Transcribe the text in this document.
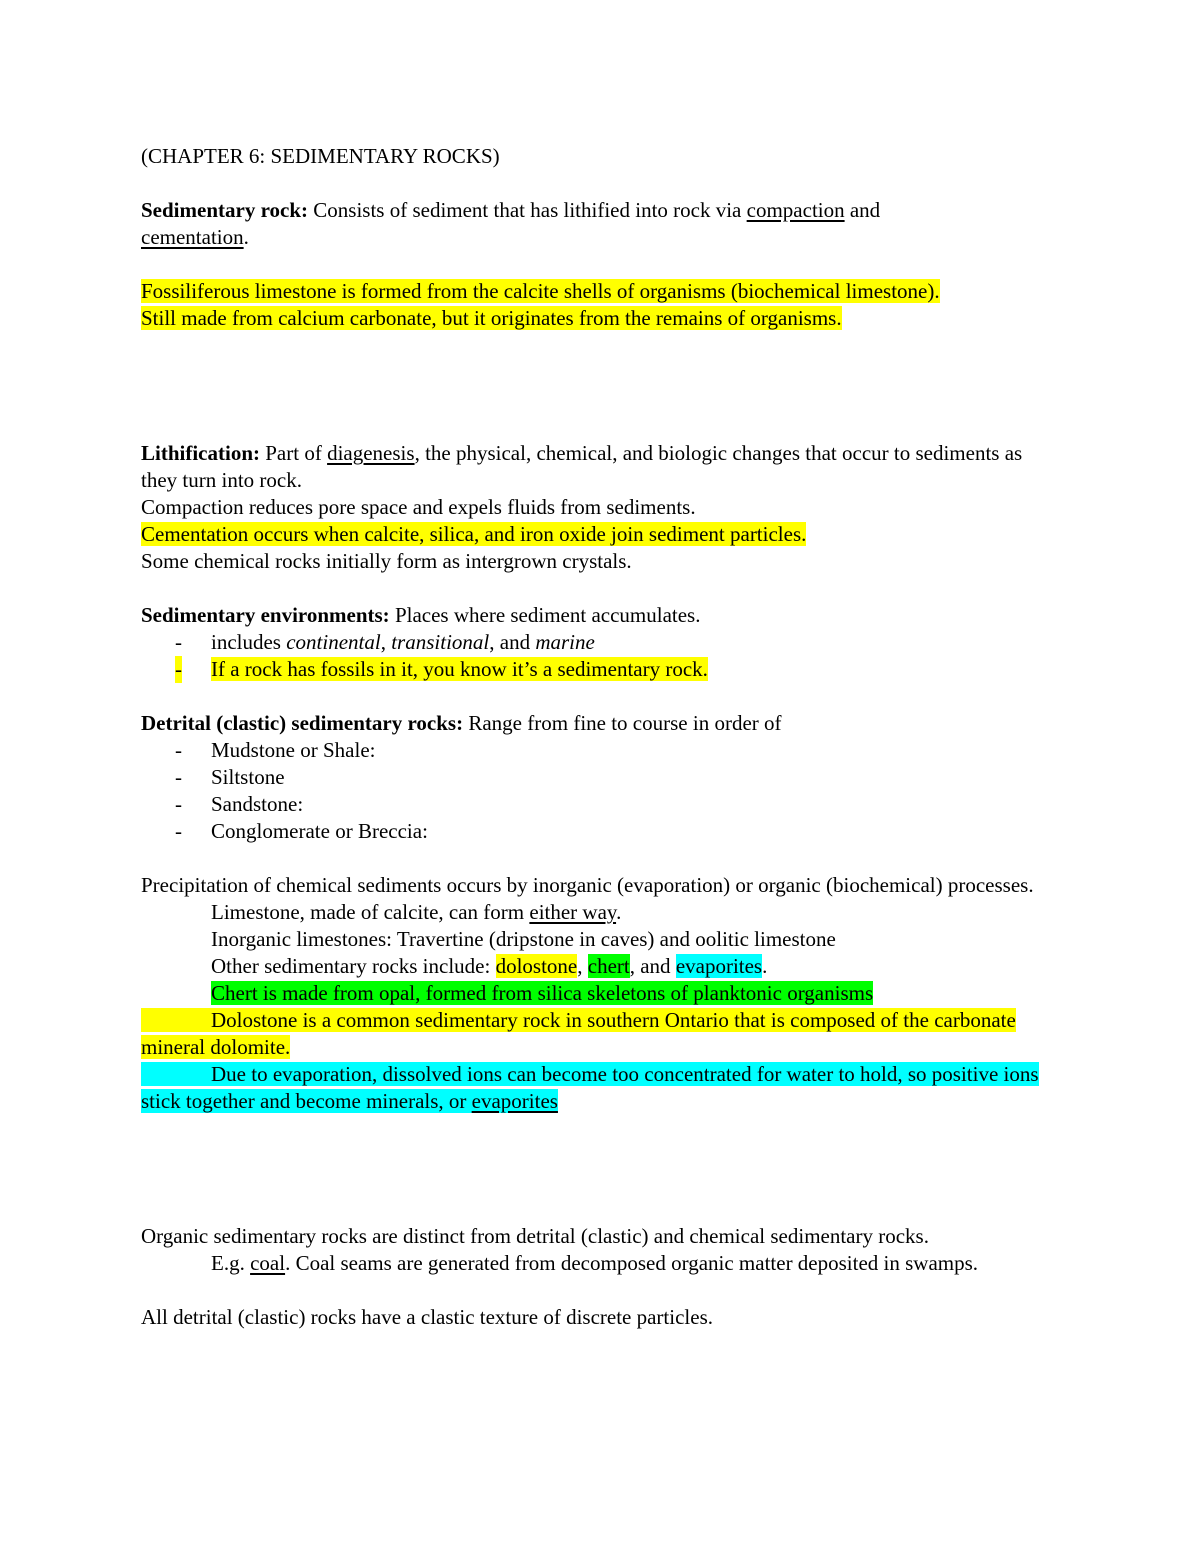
(CHAPTER 6: SEDIMENTARY ROCKS)

Sedimentary rock: Consists of sediment that has lithified into rock via compaction and
cementation.

Fossiliferous limestone is formed from the calcite shells of organisms (biochemical limestone).

Still made from calcium carbonate, but it originates from the remains of organisms.

Lithification: Part of diagenesis, the physical, chemical, and biologic changes that occur to sediments as they turn into rock.

Compaction reduces pore space and expels fluids from sediments.

Cementation occurs when calcite, silica, and iron oxide join sediment particles.

Some chemical rocks initially form as intergrown crystals.

Sedimentary environments: Places where sediment accumulates.

- includes continental, transitional, and marine
- If a rock has fossils in it, you know it’s a sedimentary rock.

Detrital (clastic) sedimentary rocks: Range from fine to course in order of

- Mudstone or Shale:
- Siltstone
- Sandstone:
- Conglomerate or Breccia:

Precipitation of chemical sediments occurs by inorganic (evaporation) or organic (biochemical) processes.

Limestone, made of calcite, can form either way.

Inorganic limestones: Travertine (dripstone in caves) and oolitic limestone

Other sedimentary rocks include: dolostone, chert, and evaporites.

Chert is made from opal, formed from silica skeletons of planktonic organisms

Dolostone is a common sedimentary rock in southern Ontario that is composed of the carbonate mineral dolomite.

Due to evaporation, dissolved ions can become too concentrated for water to hold, so positive ions stick together and become minerals, or evaporites

Organic sedimentary rocks are distinct from detrital (clastic) and chemical sedimentary rocks.

E.g. coal. Coal seams are generated from decomposed organic matter deposited in swamps.

All detrital (clastic) rocks have a clastic texture of discrete particles.
